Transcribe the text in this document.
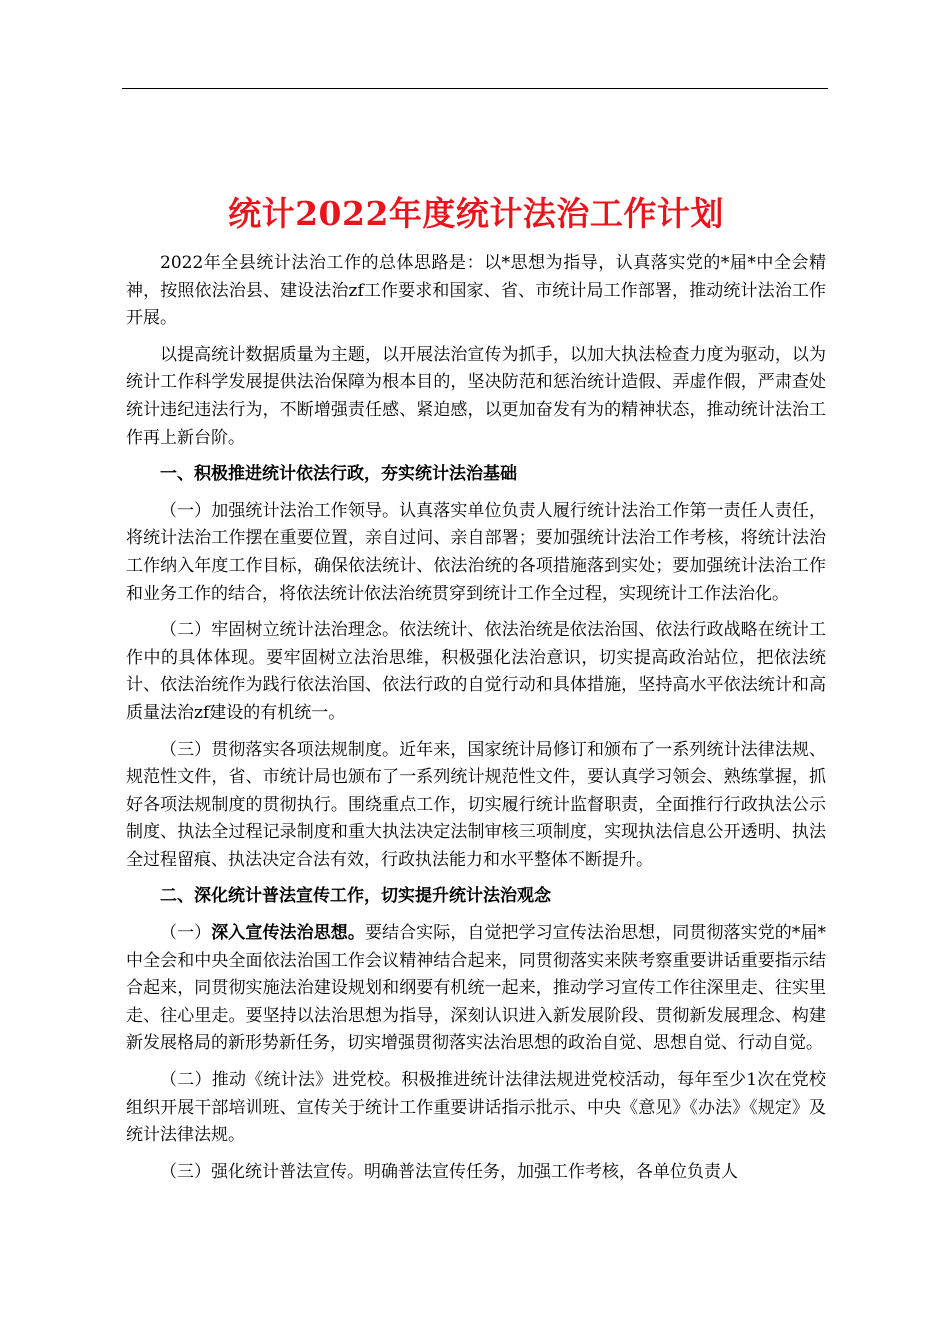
统计2022年度统计法治工作计划

2022年全县统计法治工作的总体思路是：以*思想为指导，认真落实党的*届*中全会精神，按照依法治县、建设法治zf工作要求和国家、省、市统计局工作部署，推动统计法治工作开展。

以提高统计数据质量为主题，以开展法治宣传为抓手，以加大执法检查力度为驱动，以为统计工作科学发展提供法治保障为根本目的，坚决防范和惩治统计造假、弄虚作假，严肃查处统计违纪违法行为，不断增强责任感、紧迫感，以更加奋发有为的精神状态，推动统计法治工作再上新台阶。

一、积极推进统计依法行政，夯实统计法治基础

（一）加强统计法治工作领导。认真落实单位负责人履行统计法治工作第一责任人责任，将统计法治工作摆在重要位置，亲自过问、亲自部署；要加强统计法治工作考核，将统计法治工作纳入年度工作目标，确保依法统计、依法治统的各项措施落到实处；要加强统计法治工作和业务工作的结合，将依法统计依法治统贯穿到统计工作全过程，实现统计工作法治化。

（二）牢固树立统计法治理念。依法统计、依法治统是依法治国、依法行政战略在统计工作中的具体体现。要牢固树立法治思维，积极强化法治意识，切实提高政治站位，把依法统计、依法治统作为践行依法治国、依法行政的自觉行动和具体措施，坚持高水平依法统计和高质量法治zf建设的有机统一。

（三）贯彻落实各项法规制度。近年来，国家统计局修订和颁布了一系列统计法律法规、规范性文件，省、市统计局也颁布了一系列统计规范性文件，要认真学习领会、熟练掌握，抓好各项法规制度的贯彻执行。围绕重点工作，切实履行统计监督职责，全面推行行政执法公示制度、执法全过程记录制度和重大执法决定法制审核三项制度，实现执法信息公开透明、执法全过程留痕、执法决定合法有效，行政执法能力和水平整体不断提升。

二、深化统计普法宣传工作，切实提升统计法治观念

（一）深入宣传法治思想。要结合实际，自觉把学习宣传法治思想，同贯彻落实党的*届*中全会和中央全面依法治国工作会议精神结合起来，同贯彻落实来陕考察重要讲话重要指示结合起来，同贯彻实施法治建设规划和纲要有机统一起来，推动学习宣传工作往深里走、往实里走、往心里走。要坚持以法治思想为指导，深刻认识进入新发展阶段、贯彻新发展理念、构建新发展格局的新形势新任务，切实增强贯彻落实法治思想的政治自觉、思想自觉、行动自觉。

（二）推动《统计法》进党校。积极推进统计法律法规进党校活动，每年至少1次在党校组织开展干部培训班、宣传关于统计工作重要讲话指示批示、中央《意见》《办法》《规定》及统计法律法规。

（三）强化统计普法宣传。明确普法宣传任务，加强工作考核，各单位负责人
